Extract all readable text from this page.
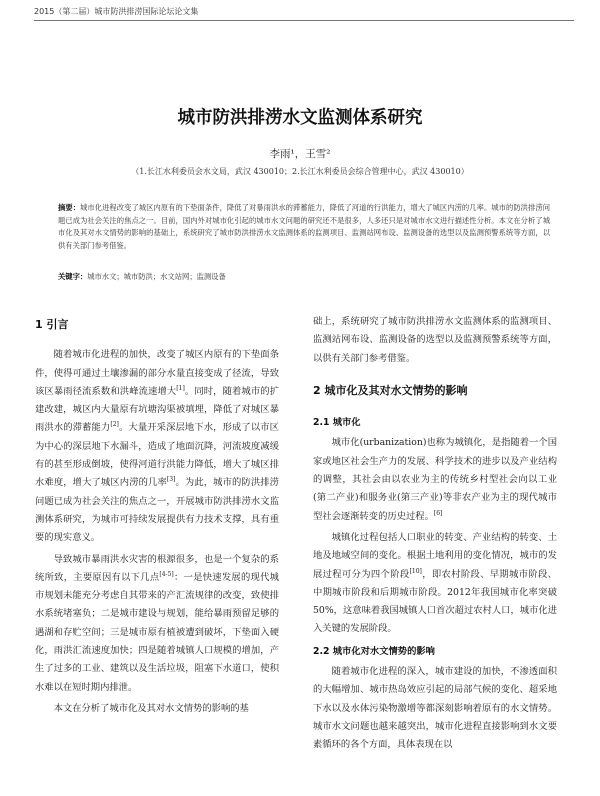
2015（第二届）城市防洪排涝国际论坛论文集
城市防洪排涝水文监测体系研究
李雨¹，王雪²
（1.长江水利委员会水文局，武汉 430010；2.长江水利委员会综合管理中心，武汉 430010）
摘要：城市化进程改变了城区内原有的下垫面条件，降低了对暴雨洪水的滞蓄能力，降低了河道的行洪能力，增大了城区内涝的几率。城市的防洪排涝问题已成为社会关注的焦点之一。目前，国内外对城市化引起的城市水文问题的研究还不是很多，人多还只是对城市水文进行描述性分析。本文在分析了城市化及其对水文情势的影响的基础上，系统研究了城市防洪排涝水文监测体系的监测项目、监测站网布设、监测设备的选型以及监测预警系统等方面，以供有关部门参考借鉴。
关键字：城市水文；城市防洪；水文站网；监测设备
1 引言

随着城市化进程的加快，改变了城区内原有的下垫面条件，使得可通过土壤渗漏的部分水量直接变成了径流，导致该区暴雨径流系数和洪峰流速增大[1]。同时，随着城市的扩建改建，城区内大量原有坑塘沟渠被填埋，降低了对城区暴雨洪水的滞蓄能力[2]。大量开采深层地下水，形成了以市区为中心的深层地下水漏斗，造成了地面沉降，河流坡度减缓有的甚至形成倒坡，使得河道行洪能力降低，增大了城区排水难度，增大了城区内涝的几率[3]。为此，城市的防洪排涝问题已成为社会关注的焦点之一，开展城市防洪排涝水文监测体系研究，为城市可持续发展提供有力技术支撑，具有重要的现实意义。

导致城市暴雨洪水灾害的根源很多，也是一个复杂的系统所致，主要原因有以下几点[4-5]：一是快速发展的现代城市规划未能充分考虑自其带来的产汇流规律的改变，致使排水系统堵塞负；二是城市建设与规划，能给暴雨预留足够的遇湖和存贮空间；三是城市原有植被遭到破坏，下垫面入硬化，雨洪汇流速度加快；四是随着城镇人口规模的增加，产生了过多的工业、建筑以及生活垃圾，阻塞下水道口，使积水难以在短时期内排泄。

本文在分析了城市化及其对水文情势的影响的基

础上，系统研究了城市防洪排涝水文监测体系的监测项目、监测站网布设、监测设备的选型以及监测预警系统等方面，以供有关部门参考借鉴。

2 城市化及其对水文情势的影响
2.1 城市化

城市化(urbanization)也称为城镇化，是指随着一个国家或地区社会生产力的发展、科学技术的进步以及产业结构的调整，其社会由以农业为主的传统乡村型社会向以工业(第二产业)和服务业(第三产业)等非农产业为主的现代城市型社会逐渐转变的历史过程。[6]

城镇化过程包括人口职业的转变、产业结构的转变、土地及地域空间的变化。根据土地利用的变化情况，城市的发展过程可分为四个阶段[10]，即农村阶段、早期城市阶段、中期城市阶段和后期城市阶段。2012年我国城市化率突破50%，这意味着我国城镇人口首次超过农村人口，城市化进入关键的发展阶段。

2.2 城市化对水文情势的影响

随着城市化进程的深入，城市建设的加快，不渗透面积的大幅增加、城市热岛效应引起的局部气候的变化、超采地下水以及水体污染物激增等都深刻影响着原有的水文情势。城市水文问题也越来越突出，城市化进程直接影响到水文要素循环的各个方面，具体表现在以
